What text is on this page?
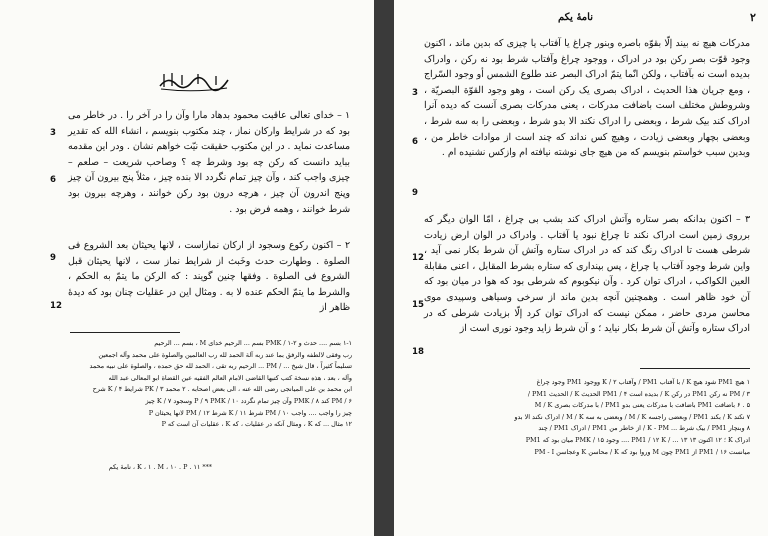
۱ – خدای تعالی عاقبت محمود بدهاد مارا وآن را در آخر را . در خاطر می بود که در شرایط وارکان نماز ، چند مکتوب بنویسم ، انشاء الله که تقدیر مساعدت نماید . در این مکتوب حقیقت نیّت خواهم نشان . ودر این مقدمه بباید دانست که رکن چه بود وشرط چه ؟ وصاحب شریعت – صلعم – چیزی واجب کند ، وآن چیز تمام نگردد الا بنده چیز ، مثلاً پنج بیرون آن چیز وپنج اندرون آن چیز ، هرچه درون بود رکن خوانند ، وهرچه بیرون بود شرط خوانند ، وهمه فرض بود .
۲ – اکنون رکوع وسجود از ارکان نمازاست ، لانها یحیثان بعد الشروع فی الصلوة . وطهارت حدث وخَبث از شرایط نماز ست ، لانها یحیثان قبل الشروع فی الصلوة . وفقها چنین گویند : که الرکن ما یتمّ به الحکم ، والشرط ما یتمّ الحکم عنده لا به . ومثال این در عقلیات چنان بود که دیدهٔ ظاهر از
3
6
9
12
۱-۱ بسم .... حدث و PMK / ۱-۲ بسم ... الرحیم خدای M ، بسم ... الرحیم
رب وفقی لالطفه والرفق بما عند ربه آلة الحمد لله رب العالمین والصلوة علی محمد وآله اجمعین
تسلیماً کثیراً ، قال شیخ ... / PM ... الرحیم ربه تقی ، الحمد لله حق حمده ، والصلوة علی نبیه محمد
وآله ، بعد ، هذه نسخة کتب کتبها القاضی الامام العالم الفقیه عین القضاة ابو المعالی عبد الله
ابن محمد بن علی المیانجی رضی الله عنه ، الی بعض اصحابه . ۲ محمد PK / ۳ شرایط K / ۴ شرح
PM / ۶ کند PMK / ۸ وآن چیز تمام نگردد P / ۹ PMK / ۱۰ وسجود K / ۷ چیز
چیز را واجب .... واجب PM / ۱۰ شرط K / ۱۱ شرط PM / ۱۲ لانها یحیثان P
۱۲ مثال ... که K ، ومثال آنکه در عقلیات ، که K ، عقلیات آن است که P
*** ۱۱ . K ، ۱ . M ، ۱۰ . P ، نامهٔ یکم
نامهٔ یکم	۲
مدرکات هیچ نه بیند إلّا بقوّه باصره وبنور چراغ یا آفتاب یا چیزی که بدین ماند ، اکنون وجود قوّت بصر رکن بود در ادراک ، ووجود چراغ وآفتاب شرط بود نه رکن ، وادراک بدیده است نه بآفتاب ، ولکن انّما یتمّ ادراک البصر عند طلوع الشمس أو وجود السّراج ، ومع جریان هذا الحدیث ، ادراک بصری یک رکن است ، وهو وجود القوّة البصریّة ، وشروطش مختلف است باضافت مدرکات ، یعنی مدرکات بصری آنست که دیده آنرا ادراک کند بیک شرط ، وبعضی را ادراک نکند الا بدو شرط ، وبعضی را به سه شرط ، وبعضی بچهار وبعضی زیادت ، وهیچ کس نداند که چند است از موادات خاطر من ، وبدین سبب خواستم بنویسم که من هیچ جای نوشته نیافته ام وازکس نشنیده ام .
۳ – اکنون بدانکه بصر ستاره وآتش ادراک کند بشب بی چراغ ، امّا الوان دیگر که برروی زمین است ادراک نکند تا چراغ نبود یا آفتاب . وادراک در الوان ارض زیادت شرطی هست تا ادراک رنگ کند که در ادراک ستاره وآتش آن شرط بکار نمی آید ، واین شرط وجود آفتاب یا چراغ ، پس بپنداری که ستاره بشرط المقابل ، اعنی مقابلة العین الکواکب ، ادراک توان کرد . وآن نیکوبوم که شرطی بود که هوا در میان بود که آن خود ظاهر است . وهمچنین آنچه بدین ماند از سرخی وسیاهی وسپیدی موی محاسن مردی حاضر ، ممکن نیست که ادراک توان کرد إلّا بزیادت شرطی که در ادراک ستاره وآتش آن شرط بکار نیاید ؛ و آن شرط زاید وجود نوری است از
3
6
9
12
15
18
۱ هیچ PM1 شود هیچ K / با آفتاب PM1 / وآفتاب K / ۲ ووجود PM1 وجود چراغ
PM / ۳ نه رکن PM1 در رکن K / بدیده است PM1 / ۴ الحدیث K / الحدیث PM1 /
۵ . ۶ باضافت PM1 باضافت با مدرکات یعنی بدو PM1 / با مدرکات بصری M / K
۷ نکند K / بکند PM1 / وبعضی راجسه M / K / وبعضی به سه M / K / ادراک نکند الا بدو
۸ وبنچار PM1 / بیک شرط ... K - PM / از خاطر من PM1 / ادراک PM1 / چند
ادراک K ؛ ۱۲ اکنون PM1 / ۱۲ K / ... ۱۳ ۱۳ .... وجود PMK / ۱۵ میان بود که PM1
میانست PM1 / ۱۶ از PM1 چون M وروا بود که K / محاسن K وعجاسن PM - I
